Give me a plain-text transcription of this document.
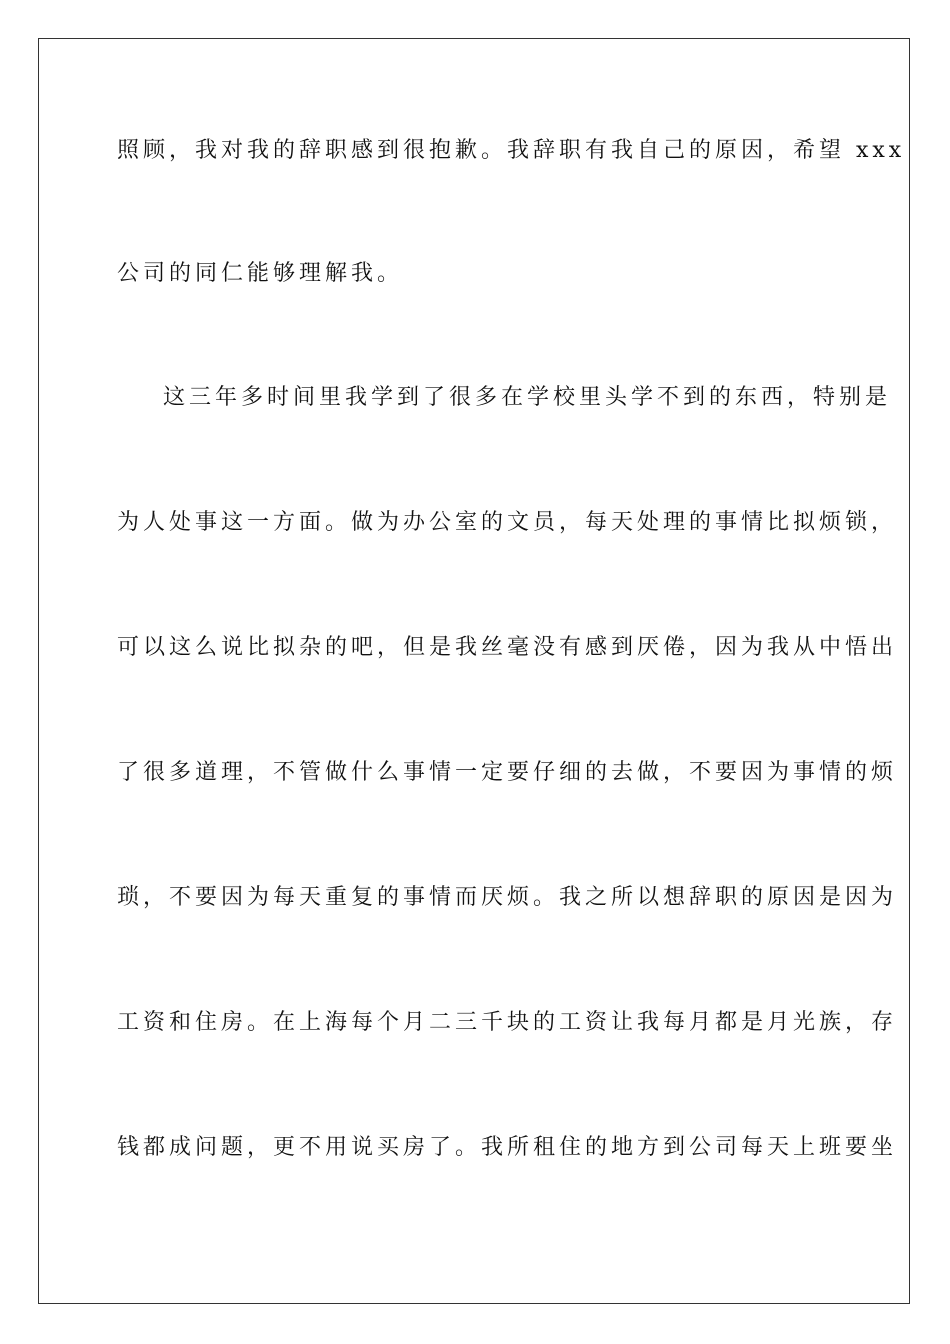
照顾，我对我的辞职感到很抱歉。我辞职有我自己的原因，希望 xxx
公司的同仁能够理解我。
这三年多时间里我学到了很多在学校里头学不到的东西，特别是
为人处事这一方面。做为办公室的文员，每天处理的事情比拟烦锁，
可以这么说比拟杂的吧，但是我丝毫没有感到厌倦，因为我从中悟出
了很多道理，不管做什么事情一定要仔细的去做，不要因为事情的烦
琐，不要因为每天重复的事情而厌烦。我之所以想辞职的原因是因为
工资和住房。在上海每个月二三千块的工资让我每月都是月光族，存
钱都成问题，更不用说买房了。我所租住的地方到公司每天上班要坐
